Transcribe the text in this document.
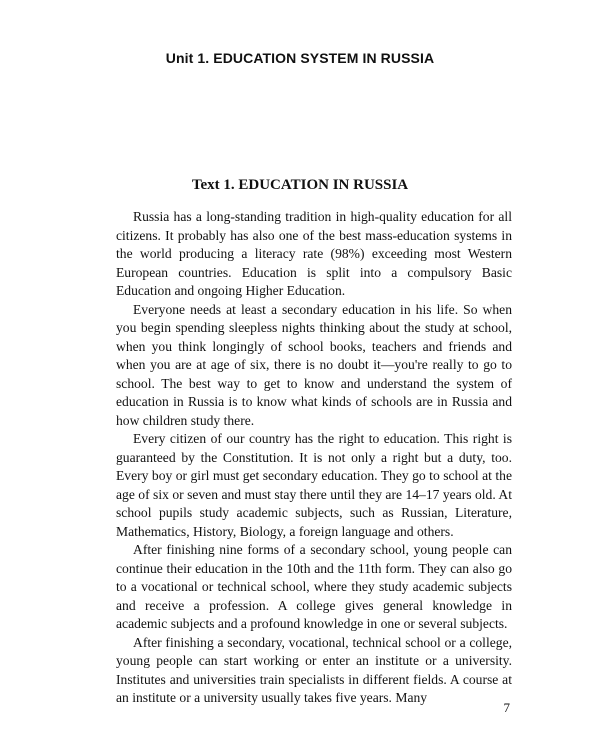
Unit 1. EDUCATION SYSTEM IN RUSSIA
Text 1. EDUCATION IN RUSSIA

Russia has a long-standing tradition in high-quality education for all citizens. It probably has also one of the best mass-education systems in the world producing a literacy rate (98%) exceeding most Western European countries. Education is split into a compulsory Basic Education and ongoing Higher Education.

Everyone needs at least a secondary education in his life. So when you begin spending sleepless nights thinking about the study at school, when you think longingly of school books, teachers and friends and when you are at age of six, there is no doubt it—you're really to go to school. The best way to get to know and understand the system of education in Russia is to know what kinds of schools are in Russia and how children study there.

Every citizen of our country has the right to education. This right is guaranteed by the Constitution. It is not only a right but a duty, too. Every boy or girl must get secondary education. They go to school at the age of six or seven and must stay there until they are 14–17 years old. At school pupils study academic subjects, such as Russian, Literature, Mathematics, History, Biology, a foreign language and others.

After finishing nine forms of a secondary school, young people can continue their education in the 10th and the 11th form. They can also go to a vocational or technical school, where they study academic subjects and receive a profession. A college gives general knowledge in academic subjects and a profound knowledge in one or several subjects.

After finishing a secondary, vocational, technical school or a college, young people can start working or enter an institute or a university. Institutes and universities train specialists in different fields. A course at an institute or a university usually takes five years. Many

7
